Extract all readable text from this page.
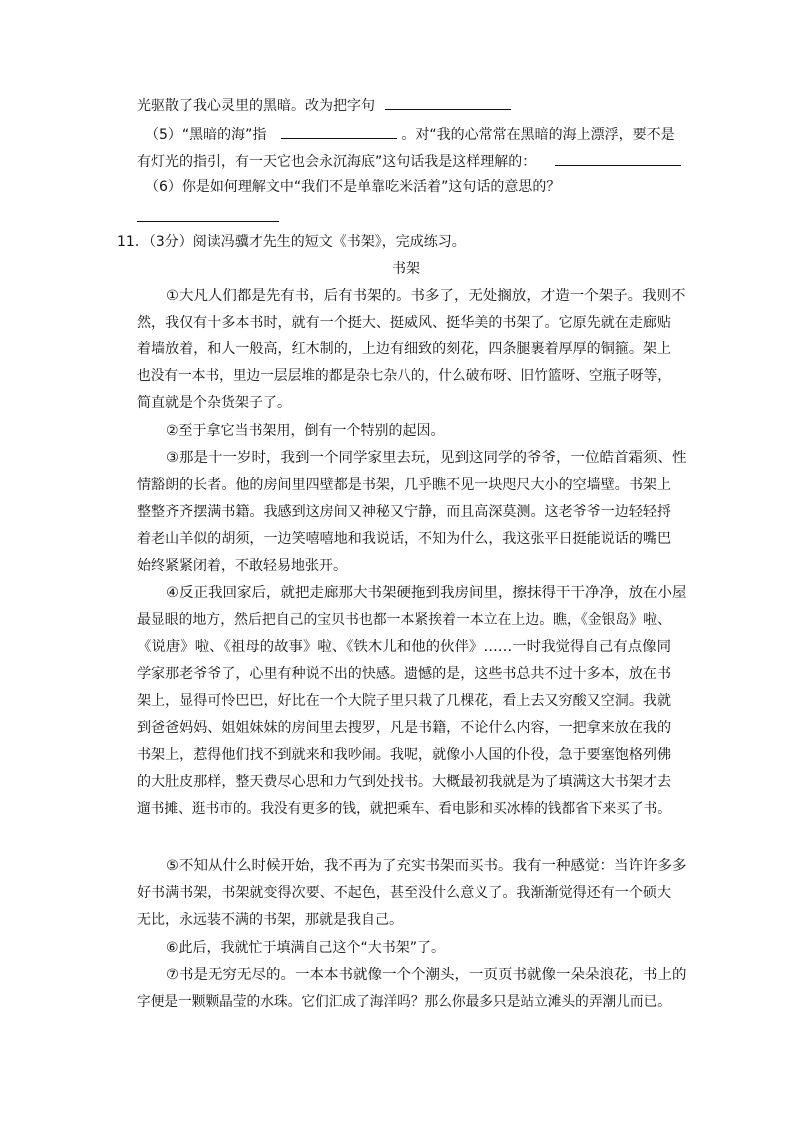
光驱散了我心灵里的黑暗。改为把字句
（5）“黑暗的海”指	。对“我的心常常在黑暗的海上漂浮，要不是
有灯光的指引，有一天它也会永沉海底”这句话我是这样理解的：
（6）你是如何理解文中“我们不是单靠吃米活着”这句话的意思的？
11．（3分）阅读冯骥才先生的短文《书架》，完成练习。
书架
①大凡人们都是先有书，后有书架的。书多了，无处搁放，才造一个架子。我则不
然，我仅有十多本书时，就有一个挺大、挺威风、挺华美的书架了。它原先就在走廊贴
着墙放着，和人一般高，红木制的，上边有细致的刻花，四条腿裹着厚厚的铜箍。架上
也没有一本书，里边一层层堆的都是杂七杂八的，什么破布呀、旧竹篮呀、空瓶子呀等，
简直就是个杂货架子了。
②至于拿它当书架用，倒有一个特别的起因。
③那是十一岁时，我到一个同学家里去玩，见到这同学的爷爷，一位皓首霜须、性
情豁朗的长者。他的房间里四壁都是书架，几乎瞧不见一块咫尺大小的空墙壁。书架上
整整齐齐摆满书籍。我感到这房间又神秘又宁静，而且高深莫测。这老爷爷一边轻轻捋
着老山羊似的胡须，一边笑嘻嘻地和我说话，不知为什么，我这张平日挺能说话的嘴巴
始终紧紧闭着，不敢轻易地张开。
④反正我回家后，就把走廊那大书架硬拖到我房间里，擦抹得干干净净，放在小屋
最显眼的地方，然后把自己的宝贝书也都一本紧挨着一本立在上边。瞧，《金银岛》啦、
《说唐》啦、《祖母的故事》啦、《铁木儿和他的伙伴》……一时我觉得自己有点像同
学家那老爷爷了，心里有种说不出的快感。遗憾的是，这些书总共不过十多本，放在书
架上，显得可怜巴巴，好比在一个大院子里只栽了几棵花，看上去又穷酸又空洞。我就
到爸爸妈妈、姐姐妹妹的房间里去搜罗，凡是书籍，不论什么内容，一把拿来放在我的
书架上，惹得他们找不到就来和我吵闹。我呢，就像小人国的仆役，急于要塞饱格列佛
的大肚皮那样，整天费尽心思和力气到处找书。大概最初我就是为了填满这大书架才去
遛书摊、逛书市的。我没有更多的钱，就把乘车、看电影和买冰棒的钱都省下来买了书。
⑤不知从什么时候开始，我不再为了充实书架而买书。我有一种感觉：当许许多多
好书满书架，书架就变得次要、不起色，甚至没什么意义了。我渐渐觉得还有一个硕大
无比，永远装不满的书架，那就是我自己。
⑥此后，我就忙于填满自己这个“大书架”了。
⑦书是无穷无尽的。一本本书就像一个个潮头，一页页书就像一朵朵浪花，书上的
字便是一颗颗晶莹的水珠。它们汇成了海洋吗？那么你最多只是站立滩头的弄潮儿而已。
